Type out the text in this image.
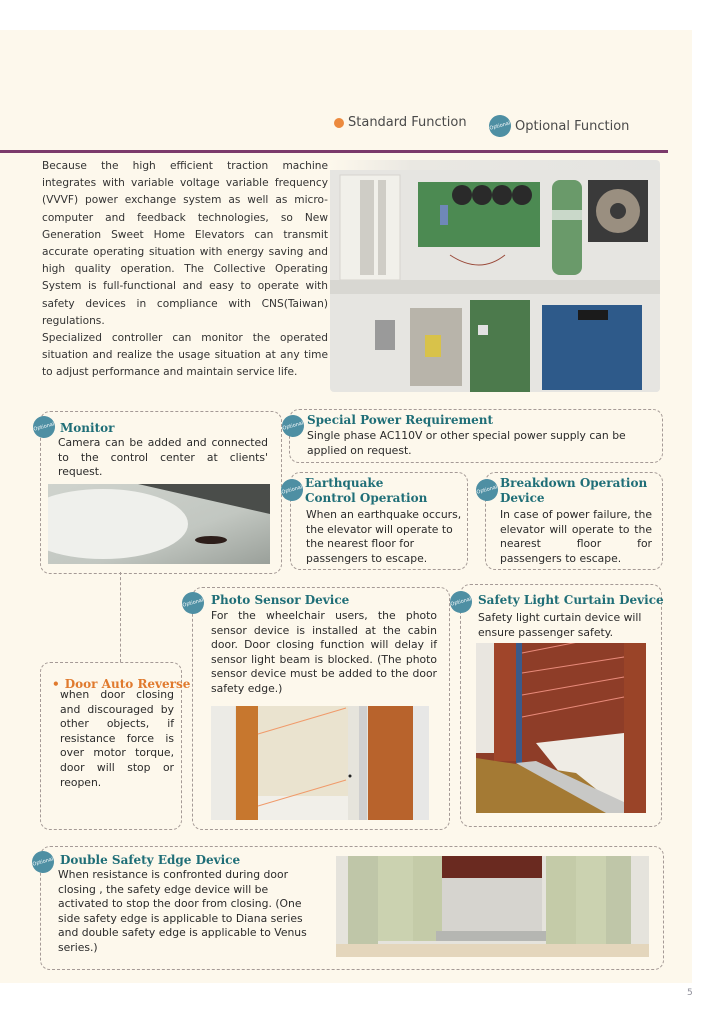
Standard Function	Optional Optional Function

Because the high efficient traction machine integrates with variable voltage variable frequency (VVVF) power exchange system as well as micro-computer and feedback technologies, so New Generation Sweet Home Elevators can transmit accurate operating situation with energy saving and high quality operation. The Collective Operating System is full-functional and easy to operate with safety devices in compliance with CNS(Taiwan) regulations.

Specialized controller can monitor the operated situation and realize the usage situation at any time to adjust performance and maintain service life.

Optional Monitor
Camera can be added and connected to the control center at clients' request.
Optional Special Power Requirement
Single phase AC110V or other special power supply can be applied on request.
Optional
Earthquake Control Operation
When an earthquake occurs, the elevator will operate to the nearest floor for passengers to escape.
Optional
Breakdown Operation Device
In case of power failure, the elevator will operate to the nearest floor for passengers to escape.
Optional Photo Sensor Device
For the wheelchair users, the photo sensor device is installed at the cabin door. Door closing function will delay if sensor light beam is blocked. (The photo sensor device must be added to the door safety edge.)
Optional Safety Light Curtain Device
Safety light curtain device will ensure passenger safety.
• Door Auto Reverse
when door closing and discouraged by other objects, if resistance force is over motor torque, door will stop or reopen.
Optional Double Safety Edge Device
When resistance is confronted during door closing , the safety edge device will be activated to stop the door from closing. (One side safety edge is applicable to Diana series and double safety edge is applicable to Venus series.)
5
